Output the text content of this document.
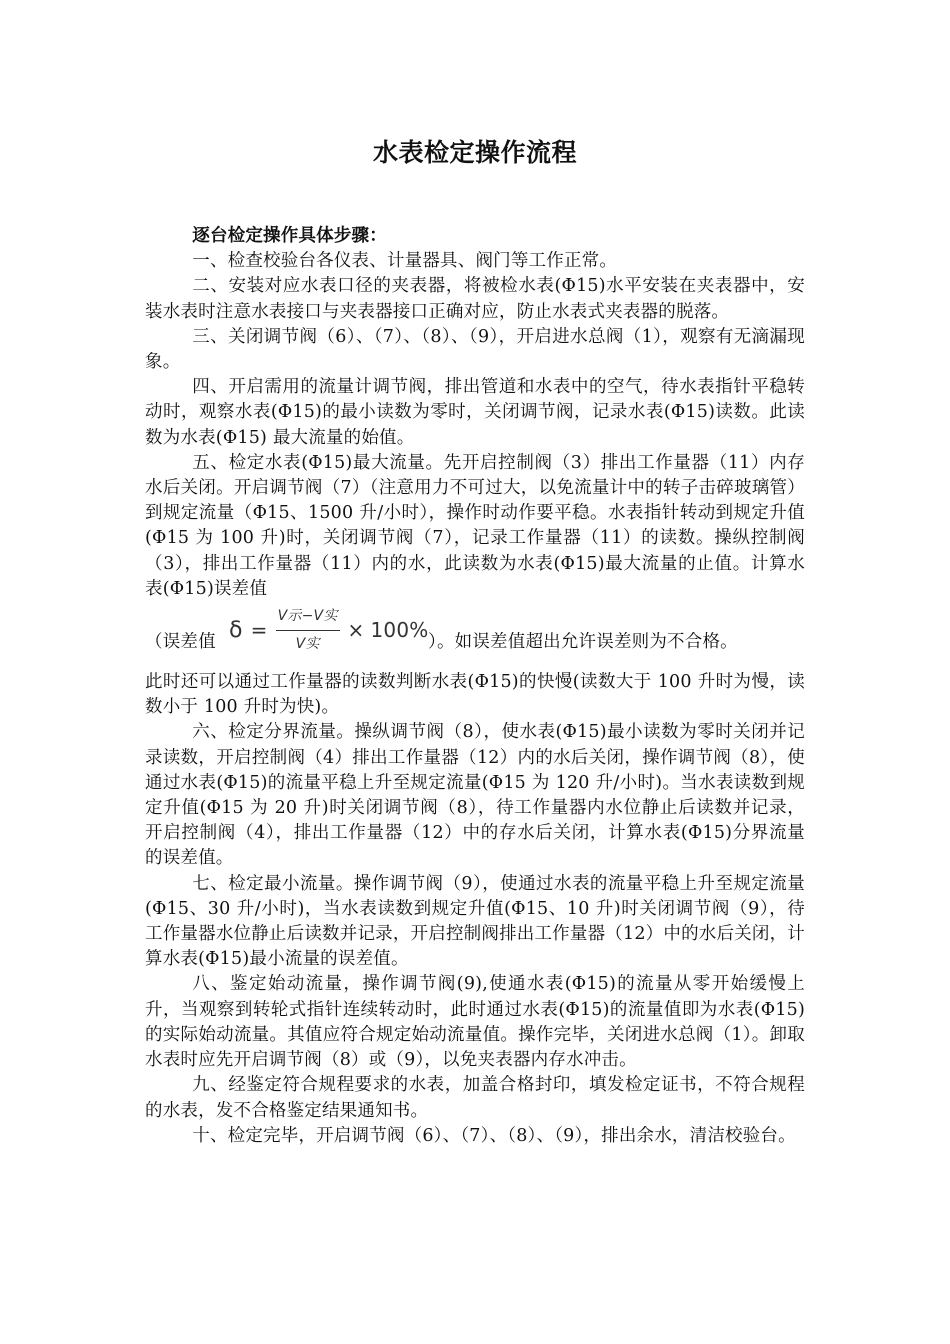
水表检定操作流程

逐台检定操作具体步骤：

一、检查校验台各仪表、计量器具、阀门等工作正常。

二、安装对应水表口径的夹表器，将被检水表(Φ15)水平安装在夹表器中，安装水表时注意水表接口与夹表器接口正确对应，防止水表式夹表器的脱落。

三、关闭调节阀（6）、（7）、（8）、（9），开启进水总阀（1），观察有无滴漏现象。

四、开启需用的流量计调节阀，排出管道和水表中的空气，待水表指针平稳转动时，观察水表(Φ15)的最小读数为零时，关闭调节阀，记录水表(Φ15)读数。此读数为水表(Φ15) 最大流量的始值。

五、检定水表(Φ15)最大流量。先开启控制阀（3）排出工作量器（11）内存水后关闭。开启调节阀（7）（注意用力不可过大，以免流量计中的转子击碎玻璃管）到规定流量（Φ15、1500 升/小时），操作时动作要平稳。水表指针转动到规定升值(Φ15 为 100 升)时，关闭调节阀（7），记录工作量器（11）的读数。操纵控制阀（3），排出工作量器（11）内的水，此读数为水表(Φ15)最大流量的止值。计算水表(Φ15)误差值

（误差值 $\delta = \frac{\text{V示−V实}}{\text{V实}} \times 100\%$ ）。如误差值超出允许误差则为不合格。

此时还可以通过工作量器的读数判断水表(Φ15)的快慢(读数大于 100 升时为慢，读数小于 100 升时为快)。

六、检定分界流量。操纵调节阀（8），使水表(Φ15)最小读数为零时关闭并记录读数，开启控制阀（4）排出工作量器（12）内的水后关闭，操作调节阀（8），使通过水表(Φ15)的流量平稳上升至规定流量(Φ15 为 120 升/小时)。当水表读数到规定升值(Φ15 为 20 升)时关闭调节阀（8），待工作量器内水位静止后读数并记录，开启控制阀（4），排出工作量器（12）中的存水后关闭，计算水表(Φ15)分界流量的误差值。

七、检定最小流量。操作调节阀（9），使通过水表的流量平稳上升至规定流量(Φ15、30 升/小时)，当水表读数到规定升值(Φ15、10 升)时关闭调节阀（9），待工作量器水位静止后读数并记录，开启控制阀排出工作量器（12）中的水后关闭，计算水表(Φ15)最小流量的误差值。

八、鉴定始动流量，操作调节阀(9),使通水表(Φ15)的流量从零开始缓慢上升，当观察到转轮式指针连续转动时，此时通过水表(Φ15)的流量值即为水表(Φ15)的实际始动流量。其值应符合规定始动流量值。操作完毕，关闭进水总阀（1）。卸取水表时应先开启调节阀（8）或（9），以免夹表器内存水冲击。

九、经鉴定符合规程要求的水表，加盖合格封印，填发检定证书，不符合规程的水表，发不合格鉴定结果通知书。

十、检定完毕，开启调节阀（6）、（7）、（8）、（9），排出余水，清洁校验台。
